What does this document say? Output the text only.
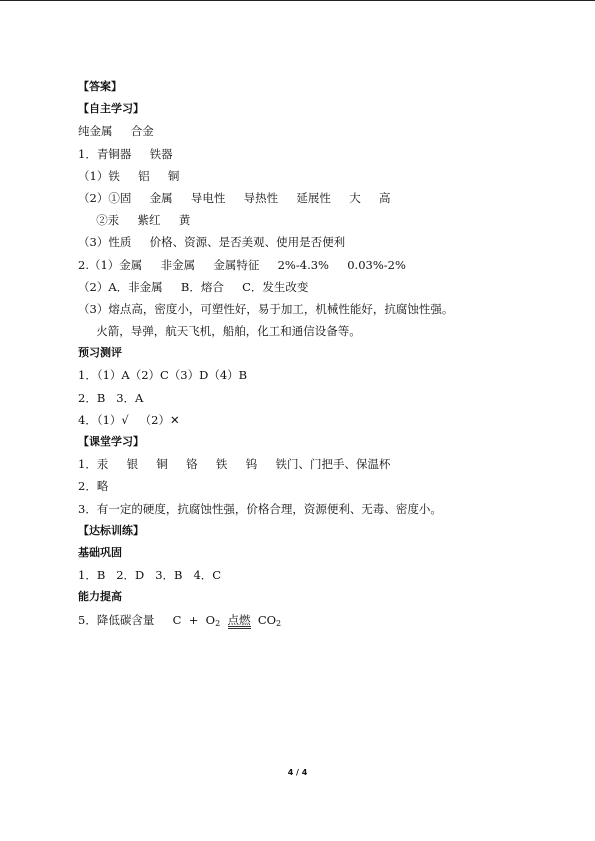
【答案】
【自主学习】
纯金属     合金
1．青铜器     铁器
（1）铁     铝     铜
（2）①固     金属     导电性     导热性     延展性     大     高
②汞     紫红     黄
（3）性质     价格、资源、是否美观、使用是否便利
2.（1）金属     非金属     金属特征     2%-4.3%     0.03%-2%
（2）A．非金属     B．熔合     C．发生改变
（3）熔点高，密度小，可塑性好，易于加工，机械性能好，抗腐蚀性强。
火箭，导弹，航天飞机，船舶，化工和通信设备等。
预习测评
1．（1）A（2）C（3）D（4）B
2．B   3．A
4．（1）√   （2）✕
【课堂学习】
1．汞     银     铜     铬     铁     钨     铁门、门把手、保温杯
2．略
3．有一定的硬度，抗腐蚀性强，价格合理，资源便利、无毒、密度小。
【达标训练】
基础巩固
1．B   2．D   3．B   4．C
能力提高
5．降低碳含量     $C + O_2$ 点燃 $CO_2$
4 / 4
